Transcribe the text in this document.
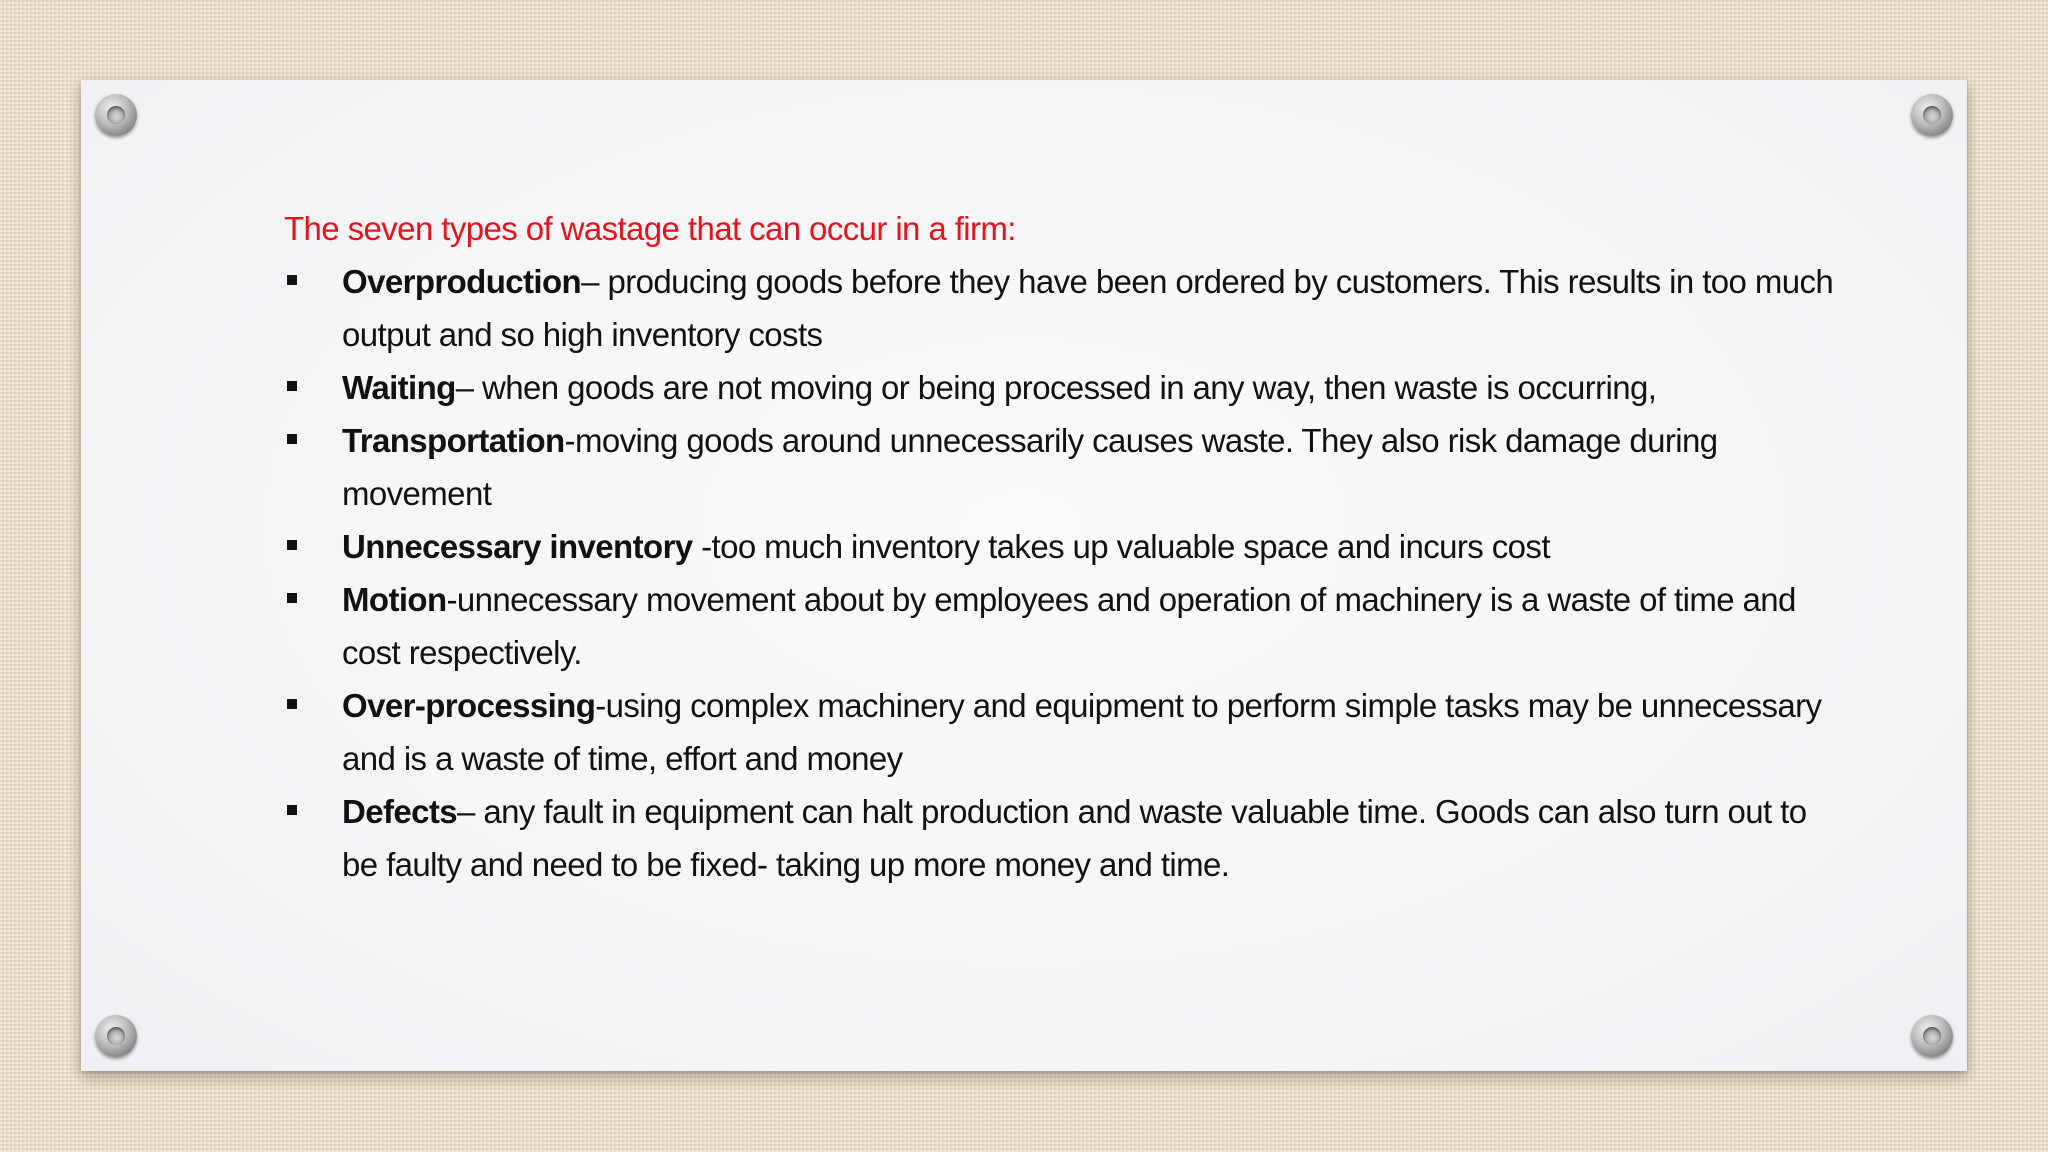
The seven types of wastage that can occur in a firm:

Overproduction– producing goods before they have been ordered by customers. This results in too much output and so high inventory costs
Waiting– when goods are not moving or being processed in any way, then waste is occurring,
Transportation-moving goods around unnecessarily causes waste. They also risk damage during movement
Unnecessary inventory -too much inventory takes up valuable space and incurs cost
Motion-unnecessary movement about by employees and operation of machinery is a waste of time and cost respectively.
Over-processing-using complex machinery and equipment to perform simple tasks may be unnecessary and is a waste of time, effort and money
Defects– any fault in equipment can halt production and waste valuable time. Goods can also turn out to be faulty and need to be fixed- taking up more money and time.
